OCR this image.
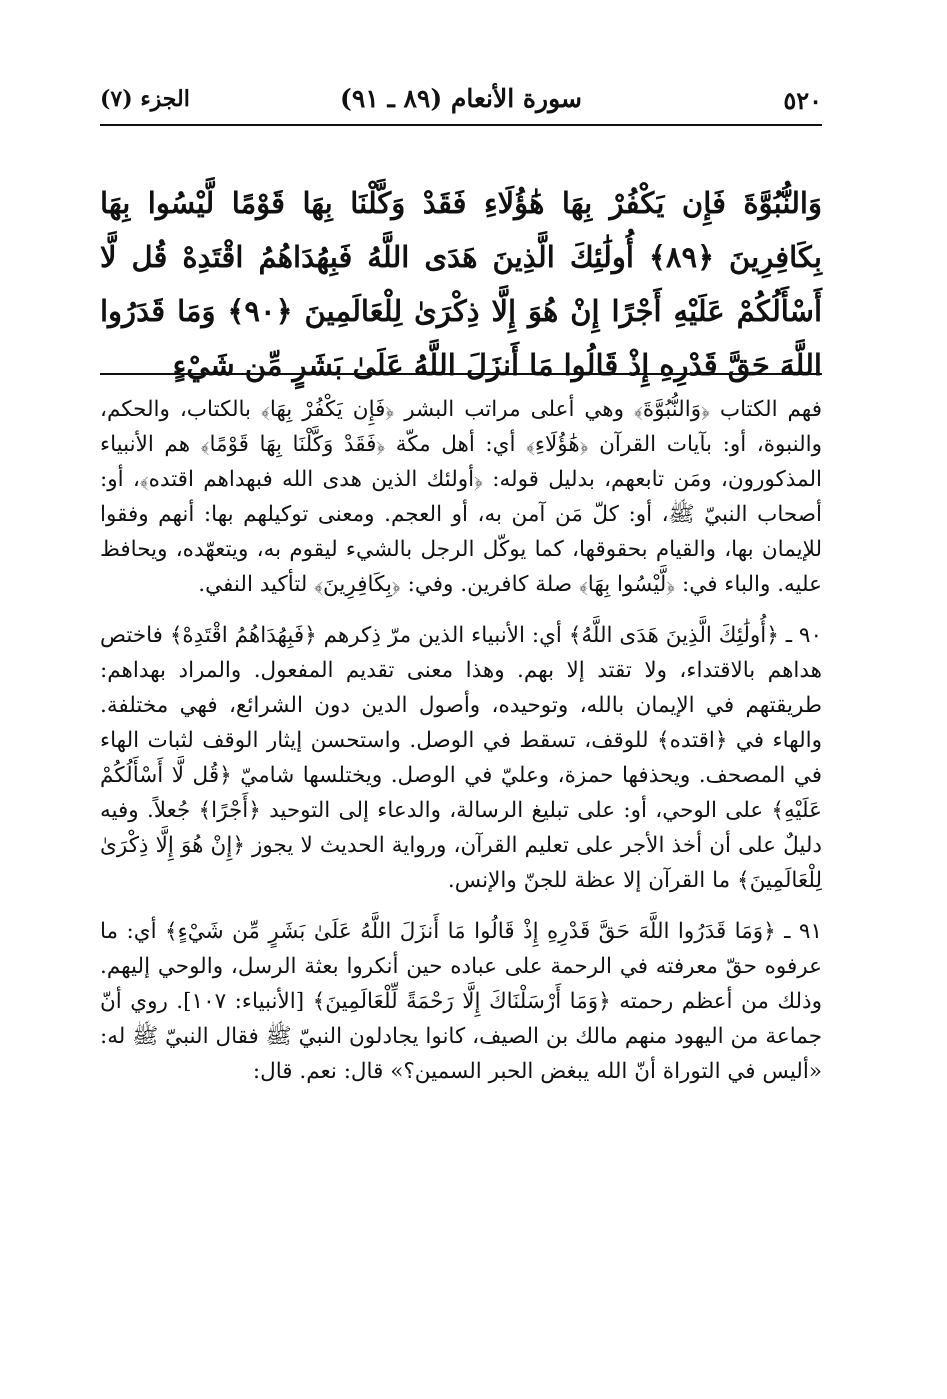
٥٢٠
سورة الأنعام (٨٩ ـ ٩١)
الجزء (٧)
وَالنُّبُوَّةَ فَإِن يَكْفُرْ بِهَا هَٰؤُلَاءِ فَقَدْ وَكَّلْنَا بِهَا قَوْمًا لَّيْسُوا بِهَا بِكَافِرِينَ ﴿٨٩﴾ أُولَٰئِكَ الَّذِينَ هَدَى اللَّهُ فَبِهُدَاهُمُ اقْتَدِهْ قُل لَّا أَسْأَلُكُمْ عَلَيْهِ أَجْرًا إِنْ هُوَ إِلَّا ذِكْرَىٰ لِلْعَالَمِينَ ﴿٩٠﴾ وَمَا قَدَرُوا اللَّهَ حَقَّ قَدْرِهِ إِذْ قَالُوا مَا أَنزَلَ اللَّهُ عَلَىٰ بَشَرٍ مِّن شَيْءٍ

فهم الكتاب ﴿وَالنُّبُوَّةَ﴾ وهي أعلى مراتب البشر ﴿فَإِن يَكْفُرْ بِهَا﴾ بالكتاب، والحكم، والنبوة، أو: بآيات القرآن ﴿هَٰؤُلَاءِ﴾ أي: أهل مكّة ﴿فَقَدْ وَكَّلْنَا بِهَا قَوْمًا﴾ هم الأنبياء المذكورون، ومَن تابعهم، بدليل قوله: ﴿أولئك الذين هدى الله فبهداهم اقتده﴾، أو: أصحاب النبيّ ﷺ، أو: كلّ مَن آمن به، أو العجم. ومعنى توكيلهم بها: أنهم وفقوا للإيمان بها، والقيام بحقوقها، كما يوكّل الرجل بالشيء ليقوم به، ويتعهّده، ويحافظ عليه. والباء في: ﴿لَّيْسُوا بِهَا﴾ صلة كافرين. وفي: ﴿بِكَافِرِينَ﴾ لتأكيد النفي.

٩٠ ـ ﴿أُولَٰئِكَ الَّذِينَ هَدَى اللَّهُ﴾ أي: الأنبياء الذين مرّ ذِكرهم ﴿فَبِهُدَاهُمُ اقْتَدِهْ﴾ فاختص هداهم بالاقتداء، ولا تقتد إلا بهم. وهذا معنى تقديم المفعول. والمراد بهداهم: طريقتهم في الإيمان بالله، وتوحيده، وأصول الدين دون الشرائع، فهي مختلفة. والهاء في ﴿اقتده﴾ للوقف، تسقط في الوصل. واستحسن إيثار الوقف لثبات الهاء في المصحف. ويحذفها حمزة، وعليّ في الوصل. ويختلسها شاميّ ﴿قُل لَّا أَسْأَلُكُمْ عَلَيْهِ﴾ على الوحي، أو: على تبليغ الرسالة، والدعاء إلى التوحيد ﴿أَجْرًا﴾ جُعلاً. وفيه دليلٌ على أن أخذ الأجر على تعليم القرآن، ورواية الحديث لا يجوز ﴿إِنْ هُوَ إِلَّا ذِكْرَىٰ لِلْعَالَمِينَ﴾ ما القرآن إلا عظة للجنّ والإنس.

٩١ ـ ﴿وَمَا قَدَرُوا اللَّهَ حَقَّ قَدْرِهِ إِذْ قَالُوا مَا أَنزَلَ اللَّهُ عَلَىٰ بَشَرٍ مِّن شَيْءٍ﴾ أي: ما عرفوه حقّ معرفته في الرحمة على عباده حين أنكروا بعثة الرسل، والوحي إليهم. وذلك من أعظم رحمته ﴿وَمَا أَرْسَلْنَاكَ إِلَّا رَحْمَةً لِّلْعَالَمِينَ﴾ [الأنبياء: ١٠٧]. روي أنّ جماعة من اليهود منهم مالك بن الصيف، كانوا يجادلون النبيّ ﷺ فقال النبيّ ﷺ له: «أليس في التوراة أنّ الله يبغض الحبر السمين؟» قال: نعم. قال:
